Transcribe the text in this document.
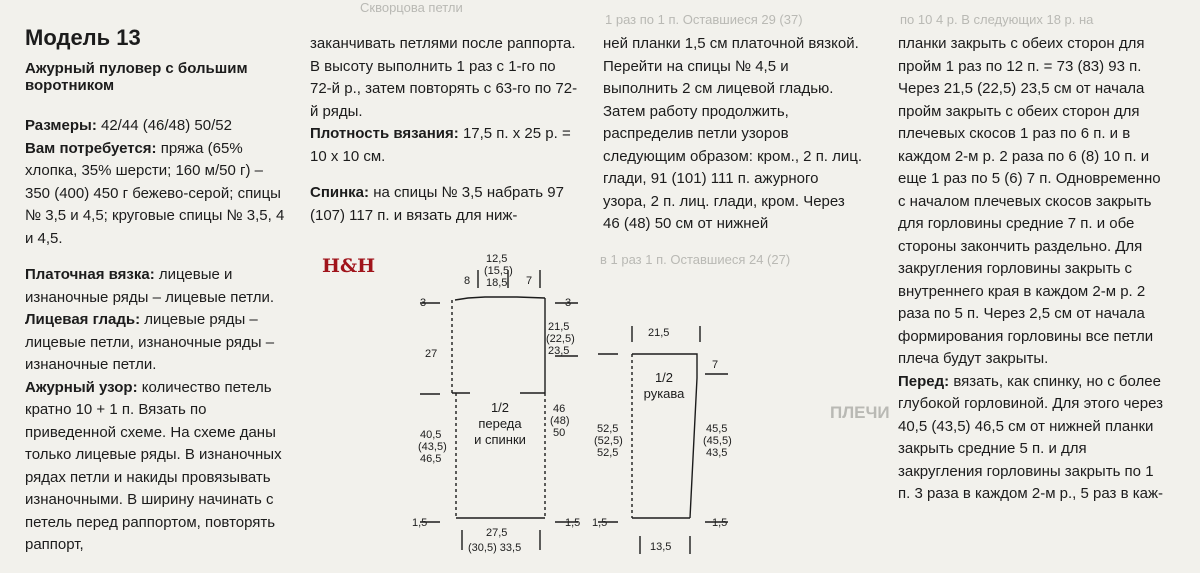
Скворцова петли
1 раз по 1 п. Оставшиеся 29 (37)	по 10 4 р. В следующих 18 р. на
в 1 раз 1 п. Оставшиеся 24 (27)
ПЛЕЧИ
Модель 13
Ажурный пуловер с большим воротником

Размеры: 42/44 (46/48) 50/52

Вам потребуется: пряжа (65% хлопка, 35% шерсти; 160 м/50 г) – 350 (400) 450 г бежево-серой; спицы № 3,5 и 4,5; круговые спицы № 3,5, 4 и 4,5.

Платочная вязка: лицевые и изнаночные ряды – лицевые петли.

Лицевая гладь: лицевые ряды – лицевые петли, изнаночные ряды – изнаночные петли.

Ажурный узор: количество петель кратно 10 + 1 п. Вязать по приведенной схеме. На схеме даны только лицевые ряды. В изнаночных рядах петли и накиды провязывать изнаночными. В ширину начинать с петель перед раппортом, повторять раппорт,

заканчивать петлями после раппорта. В высоту выполнить 1 раз с 1-го по 72-й р., затем повторять с 63-го по 72-й ряды.

Плотность вязания: 17,5 п. х 25 р. = 10 х 10 см.

Спинка: на спицы № 3,5 набрать 97 (107) 117 п. и вязать для ниж-

ней планки 1,5 см платочной вязкой. Перейти на спицы № 4,5 и выполнить 2 см лицевой гладью. Затем работу продолжить, распределив петли узоров следующим образом: кром., 2 п. лиц. глади, 91 (101) 111 п. ажурного узора, 2 п. лиц. глади, кром. Через 46 (48) 50 см от нижней

планки закрыть с обеих сторон для пройм 1 раз по 12 п. = 73 (83) 93 п. Через 21,5 (22,5) 23,5 см от начала пройм закрыть с обеих сторон для плечевых скосов 1 раз по 6 п. и в каждом 2-м р. 2 раза по 6 (8) 10 п. и еще 1 раз по 5 (6) 7 п. Одновременно с началом плечевых скосов закрыть для горловины средние 7 п. и обе стороны закончить раздельно. Для закругления горловины закрыть с внутреннего края в каждом 2-м р. 2 раза по 5 п. Через 2,5 см от начала формирования горловины все петли плеча будут закрыты.

Перед: вязать, как спинку, но с более глубокой горловиной. Для этого через 40,5 (43,5) 46,5 см от нижней планки закрыть средние 5 п. и для закругления горловины закрыть по 1 п. 3 раза в каждом 2-м р., 5 раз в каж-

H&H
8
12,5
(15,5)
18,5 7
3	3
21,5
(22,5)
23,5
27
46
(48)
50
40,5
(43,5)
46,5
1,5	1,5
27,5
(30,5) 33,5
21,5
7
52,5
(52,5)
52,5
45,5
(45,5)
43,5
1,5	1,5
13,5
1/2
переда
и спинки
1/2
рукава
